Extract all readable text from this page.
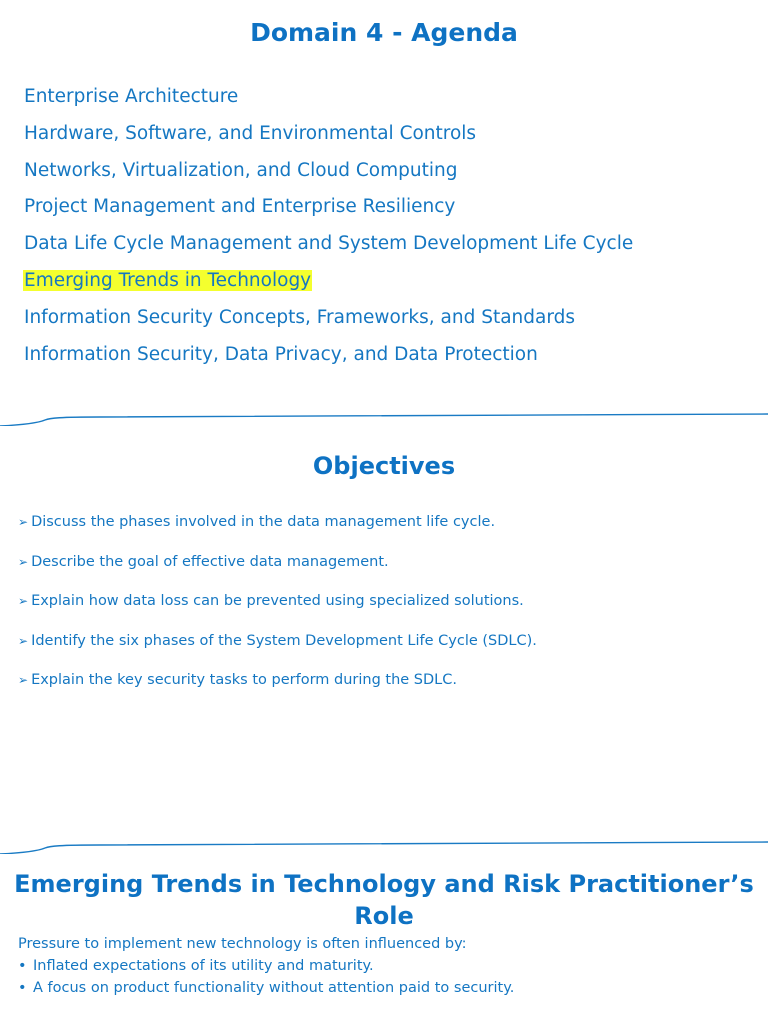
Domain 4 - Agenda
Enterprise Architecture
Hardware, Software, and Environmental Controls
Networks, Virtualization, and Cloud Computing
Project Management and Enterprise Resiliency
Data Life Cycle Management and System Development Life Cycle
Emerging Trends in Technology
Information Security Concepts, Frameworks, and Standards
Information Security, Data Privacy, and Data Protection
Objectives
➢ Discuss the phases involved in the data management life cycle.
➢ Describe the goal of effective data management.
➢ Explain how data loss can be prevented using specialized solutions.
➢ Identify the six phases of the System Development Life Cycle (SDLC).
➢ Explain the key security tasks to perform during the SDLC.
Emerging Trends in Technology and Risk Practitioner’s Role
Pressure to implement new technology is often influenced by:
• Inflated expectations of its utility and maturity.
• A focus on product functionality without attention paid to security.
